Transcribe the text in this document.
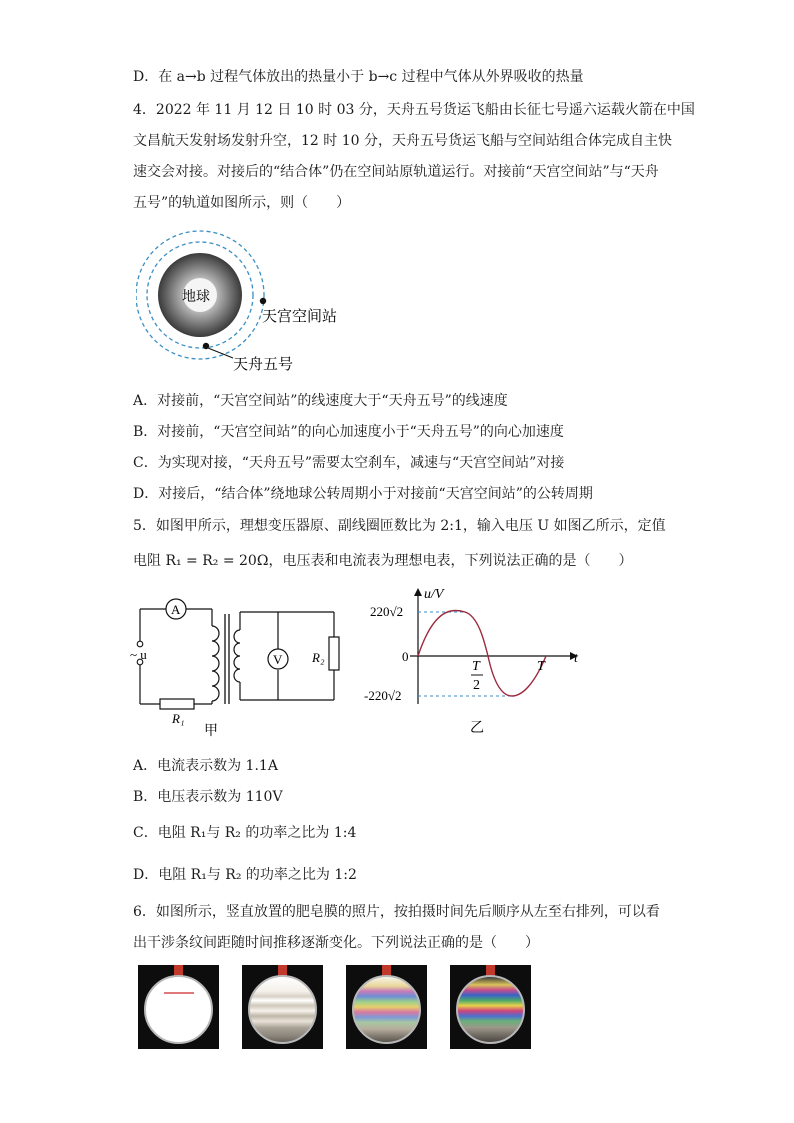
D．在 a→b 过程气体放出的热量小于 b→c 过程中气体从外界吸收的热量
4．2022 年 11 月 12 日 10 时 03 分，天舟五号货运飞船由长征七号遥六运载火箭在中国
文昌航天发射场发射升空，12 时 10 分，天舟五号货运飞船与空间站组合体完成自主快
速交会对接。对接后的“结合体”仍在空间站原轨道运行。对接前“天宫空间站”与“天舟
五号”的轨道如图所示，则（　　）
地球
天宫空间站
天舟五号
A．对接前，“天宫空间站”的线速度大于“天舟五号”的线速度
B．对接前，“天宫空间站”的向心加速度小于“天舟五号”的向心加速度
C．为实现对接，“天舟五号”需要太空刹车，减速与“天宫空间站”对接
D．对接后，“结合体”绕地球公转周期小于对接前“天宫空间站”的公转周期
5．如图甲所示，理想变压器原、副线圈匝数比为 2:1，输入电压 U 如图乙所示，定值
电阻 R₁ = R₂ = 20Ω，电压表和电流表为理想电表，下列说法正确的是（　　）
~ u
A
V
R₁
R₂
甲
u/V
t
220√2
0
-220√2
T
2
T
乙
A．电流表示数为 1.1A
B．电压表示数为 110V
C．电阻 R₁与 R₂ 的功率之比为 1:4
D．电阻 R₁与 R₂ 的功率之比为 1:2
6．如图所示，竖直放置的肥皂膜的照片，按拍摄时间先后顺序从左至右排列，可以看
出干涉条纹间距随时间推移逐渐变化。下列说法正确的是（　　）
